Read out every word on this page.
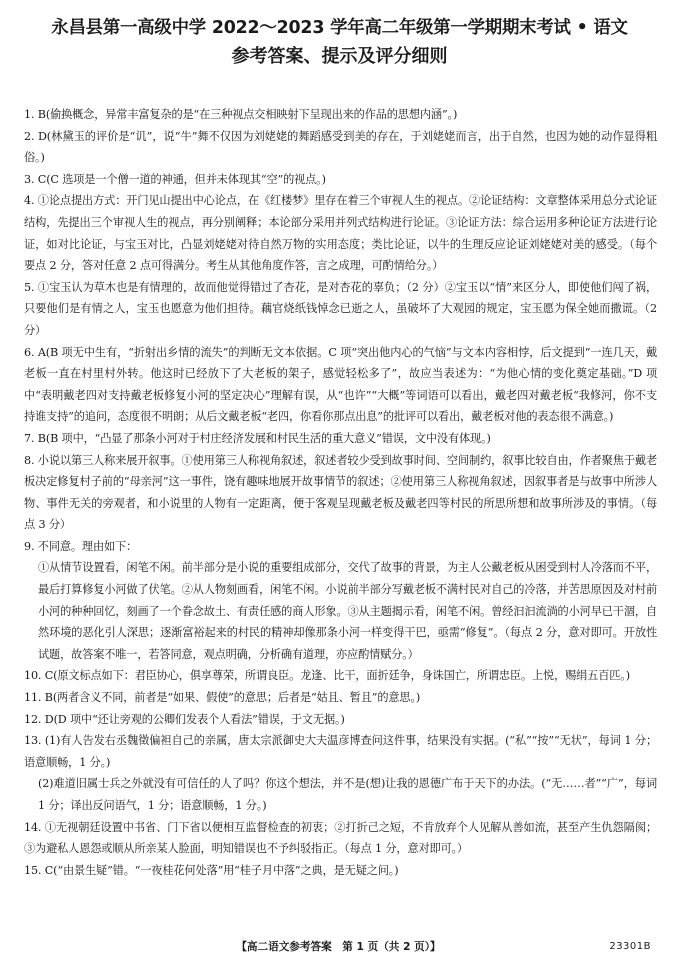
永昌县第一高级中学 2022～2023 学年高二年级第一学期期末考试 • 语文
参考答案、提示及评分细则
1. B(偷换概念，异常丰富复杂的是“在三种视点交相映射下呈现出来的作品的思想内涵”。)
2. D(林黛玉的评价是“讥”，说“牛”舞不仅因为刘姥姥的舞蹈感受到美的存在，于刘姥姥而言，出于自然，也因为她的动作显得粗俗。)
3. C(C 选项是一个僧一道的神通，但并未体现其“空”的视点。)
4. ①论点提出方式：开门见山提出中心论点，在《红楼梦》里存在着三个审视人生的视点。②论证结构：文章整体采用总分式论证结构，先提出三个审视人生的视点，再分别阐释；本论部分采用并列式结构进行论证。③论证方法：综合运用多种论证方法进行论证，如对比论证，与宝玉对比，凸显刘姥姥对待自然万物的实用态度；类比论证，以牛的生理反应论证刘姥姥对美的感受。（每个要点 2 分，答对任意 2 点可得满分。考生从其他角度作答，言之成理，可酌情给分。）
5. ①宝玉认为草木也是有情理的，故而他觉得错过了杏花，是对杏花的辜负；（2 分）②宝玉以“情”来区分人，即使他们闯了祸，只要他们是有情之人，宝玉也愿意为他们担待。藕官烧纸钱悼念已逝之人，虽破坏了大观园的规定，宝玉愿为保全她而撒谎。（2 分）
6. A(B 项无中生有，“折射出乡情的流失”的判断无文本依据。C 项“突出他内心的气恼”与文本内容相悖，后文提到“一连几天，戴老板一直在村里村外转。他这时已经放下了大老板的架子，感觉轻松多了”，故应当表述为：“为他心情的变化奠定基础。”D 项中“表明戴老四对支持戴老板修复小河的坚定决心”理解有误，从“也许”“大概”等词语可以看出，戴老四对戴老板“我修河，你不支持谁支持”的追问，态度很不明朗；从后文戴老板“老四，你看你那点出息”的批评可以看出，戴老板对他的表态很不满意。)
7. B(B 项中，“凸显了那条小河对于村庄经济发展和村民生活的重大意义”错误，文中没有体现。)
8. 小说以第三人称来展开叙事。①使用第三人称视角叙述，叙述者较少受到故事时间、空间制约，叙事比较自由，作者聚焦于戴老板决定修复村子前的“母亲河”这一事件，饶有趣味地展开故事情节的叙述；②使用第三人称视角叙述，因叙事者是与故事中所涉人物、事件无关的旁观者，和小说里的人物有一定距离，便于客观呈现戴老板及戴老四等村民的所思所想和故事所涉及的事情。（每点 3 分）
9. 不同意。理由如下：
①从情节设置看，闲笔不闲。前半部分是小说的重要组成部分，交代了故事的背景，为主人公戴老板从困受到村人冷落而不平，最后打算修复小河做了伏笔。②从人物刻画看，闲笔不闲。小说前半部分写戴老板不满村民对自己的冷落，并苦思原因及对村前小河的种种回忆，刻画了一个眷念故土、有责任感的商人形象。③从主题揭示看，闲笔不闲。曾经汩汩流淌的小河早已干涸，自然环境的恶化引人深思；逐渐富裕起来的村民的精神却像那条小河一样变得干巴，亟需“修复”。（每点 2 分，意对即可。开放性试题，故答案不唯一，若答同意，观点明确，分析确有道理，亦应酌情赋分。）
10. C(原文标点如下：君臣协心，俱享尊荣，所谓良臣。龙逢、比干，面折廷争，身诛国亡，所谓忠臣。上悦，赐绢五百匹。)
11. B(两者含义不同，前者是“如果、假使”的意思；后者是“姑且、暂且”的意思。)
12. D(D 项中“还让旁观的公卿们发表个人看法”错误，于文无据。)
13. (1)有人告发右丞魏徵偏袒自己的亲属，唐太宗派御史大夫温彦博查问这件事，结果没有实据。(“私”“按”“无状”，每词 1 分；语意顺畅，1 分。)
(2)难道旧属士兵之外就没有可信任的人了吗？你这个想法，并不是(想)让我的恩德广布于天下的办法。(“无……者”“广”，每词 1 分；译出反问语气，1 分；语意顺畅，1 分。)
14. ①无视朝廷设置中书省、门下省以便相互监督检查的初衷；②打折己之短，不肯放弃个人见解从善如流，甚至产生仇怨隔阂；③为避私人恩怨或顺从所亲某人脸面，明知错误也不予纠驳指正。（每点 1 分，意对即可。）
15. C(“由景生疑”错。“一夜桂花何处落”用“桂子月中落”之典，是无疑之问。)
【高二语文参考答案　第 1 页（共 2 页）】	23301B
